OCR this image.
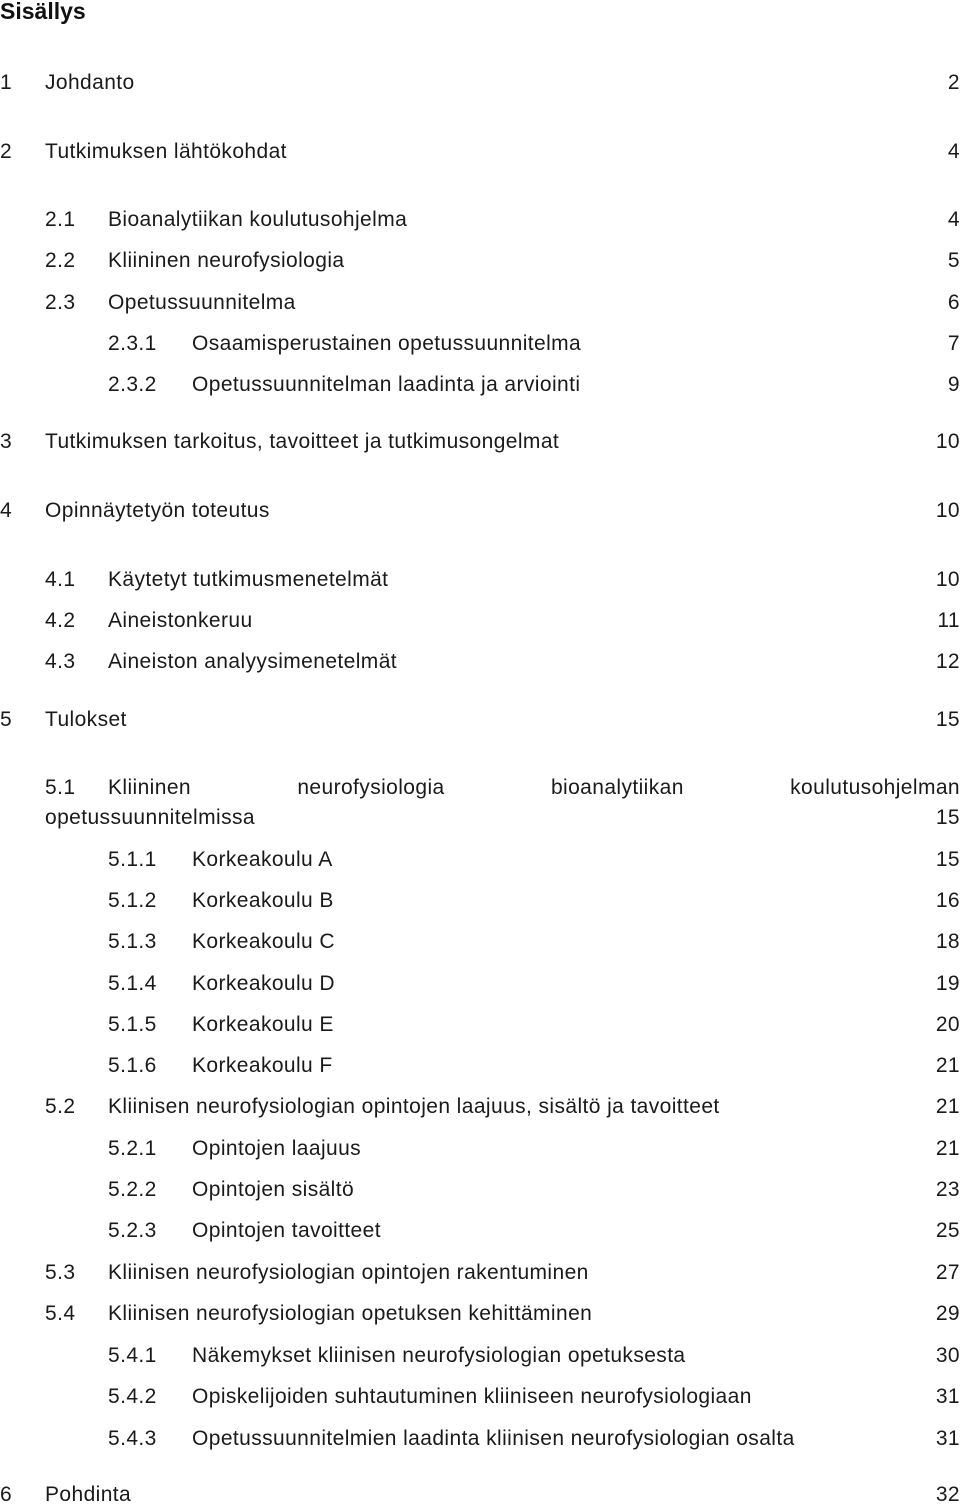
Sisällys
1 Johdanto	2
2 Tutkimuksen lähtökohdat	4
2.1 Bioanalytiikan koulutusohjelma	4
2.2 Kliininen neurofysiologia	5
2.3 Opetussuunnitelma	6
2.3.1 Osaamisperustainen opetussuunnitelma	7
2.3.2 Opetussuunnitelman laadinta ja arviointi	9
3 Tutkimuksen tarkoitus, tavoitteet ja tutkimusongelmat	10
4 Opinnäytetyön toteutus	10
4.1 Käytetyt tutkimusmenetelmät	10
4.2 Aineistonkeruu	11
4.3 Aineiston analyysimenetelmät	12
5 Tulokset	15
5.1 Kliininen	neurofysiologia	bioanalytiikan	koulutusohjelman
opetussuunnitelmissa	15
5.1.1 Korkeakoulu A	15
5.1.2 Korkeakoulu B	16
5.1.3 Korkeakoulu C	18
5.1.4 Korkeakoulu D	19
5.1.5 Korkeakoulu E	20
5.1.6 Korkeakoulu F	21
5.2 Kliinisen neurofysiologian opintojen laajuus, sisältö ja tavoitteet	21
5.2.1 Opintojen laajuus	21
5.2.2 Opintojen sisältö	23
5.2.3 Opintojen tavoitteet	25
5.3 Kliinisen neurofysiologian opintojen rakentuminen	27
5.4 Kliinisen neurofysiologian opetuksen kehittäminen	29
5.4.1 Näkemykset kliinisen neurofysiologian opetuksesta	30
5.4.2 Opiskelijoiden suhtautuminen kliiniseen neurofysiologiaan	31
5.4.3 Opetussuunnitelmien laadinta kliinisen neurofysiologian osalta	31
6 Pohdinta	32
